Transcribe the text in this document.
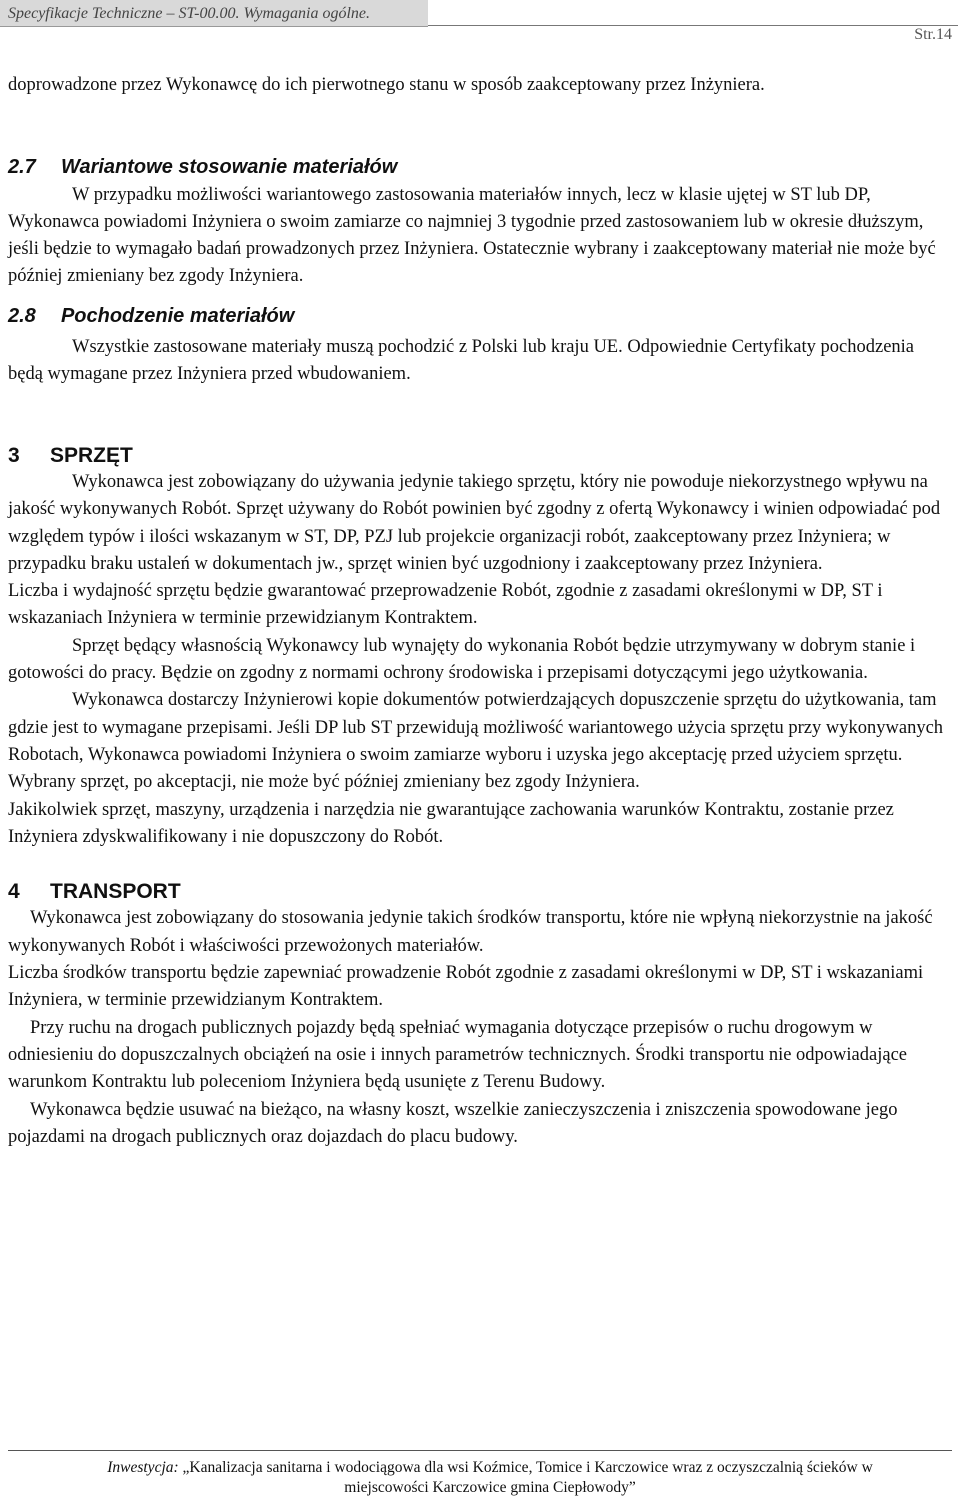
Specyfikacje Techniczne – ST-00.00. Wymagania ogólne.
Str.14

doprowadzone przez Wykonawcę do ich pierwotnego stanu w sposób zaakceptowany przez Inżyniera.

2.7 Wariantowe stosowanie materiałów

W przypadku możliwości wariantowego zastosowania materiałów innych, lecz w klasie ujętej w ST lub DP, Wykonawca powiadomi Inżyniera o swoim zamiarze co najmniej 3 tygodnie przed zastosowaniem lub w okresie dłuższym, jeśli będzie to wymagało badań prowadzonych przez Inżyniera. Ostatecznie wybrany i zaakceptowany materiał nie może być później zmieniany bez zgody Inżyniera.

2.8 Pochodzenie materiałów

Wszystkie zastosowane materiały muszą pochodzić z Polski lub kraju UE. Odpowiednie Certyfikaty pochodzenia będą wymagane przez Inżyniera przed wbudowaniem.

3 SPRZĘT

Wykonawca jest zobowiązany do używania jedynie takiego sprzętu, który nie powoduje niekorzystnego wpływu na jakość wykonywanych Robót. Sprzęt używany do Robót powinien być zgodny z ofertą Wykonawcy i winien odpowiadać pod względem typów i ilości wskazanym w ST, DP, PZJ lub projekcie organizacji robót, zaakceptowany przez Inżyniera; w przypadku braku ustaleń w dokumentach jw., sprzęt winien być uzgodniony i zaakceptowany przez Inżyniera.

Liczba i wydajność sprzętu będzie gwarantować przeprowadzenie Robót, zgodnie z zasadami określonymi w DP, ST i wskazaniach Inżyniera w terminie przewidzianym Kontraktem.

Sprzęt będący własnością Wykonawcy lub wynajęty do wykonania Robót będzie utrzymywany w dobrym stanie i gotowości do pracy. Będzie on zgodny z normami ochrony środowiska i przepisami dotyczącymi jego użytkowania.

Wykonawca dostarczy Inżynierowi kopie dokumentów potwierdzających dopuszczenie sprzętu do użytkowania, tam gdzie jest to wymagane przepisami. Jeśli DP lub ST przewidują możliwość wariantowego użycia sprzętu przy wykonywanych Robotach, Wykonawca powiadomi Inżyniera o swoim zamiarze wyboru i uzyska jego akceptację przed użyciem sprzętu. Wybrany sprzęt, po akceptacji, nie może być później zmieniany bez zgody Inżyniera.

Jakikolwiek sprzęt, maszyny, urządzenia i narzędzia nie gwarantujące zachowania warunków Kontraktu, zostanie przez Inżyniera zdyskwalifikowany i nie dopuszczony do Robót.

4 TRANSPORT

Wykonawca jest zobowiązany do stosowania jedynie takich środków transportu, które nie wpłyną niekorzystnie na jakość wykonywanych Robót i właściwości przewożonych materiałów.

Liczba środków transportu będzie zapewniać prowadzenie Robót zgodnie z zasadami określonymi w DP, ST i wskazaniami Inżyniera, w terminie przewidzianym Kontraktem.

Przy ruchu na drogach publicznych pojazdy będą spełniać wymagania dotyczące przepisów o ruchu drogowym w odniesieniu do dopuszczalnych obciążeń na osie i innych parametrów technicznych. Środki transportu nie odpowiadające warunkom Kontraktu lub poleceniom Inżyniera będą usunięte z Terenu Budowy.

Wykonawca będzie usuwać na bieżąco, na własny koszt, wszelkie zanieczyszczenia i zniszczenia spowodowane jego pojazdami na drogach publicznych oraz dojazdach do placu budowy.

Inwestycja: „Kanalizacja sanitarna i wodociągowa dla wsi Koźmice, Tomice i Karczowice wraz z oczyszczalnią ścieków w
miejscowości Karczowice gmina Ciepłowody”
